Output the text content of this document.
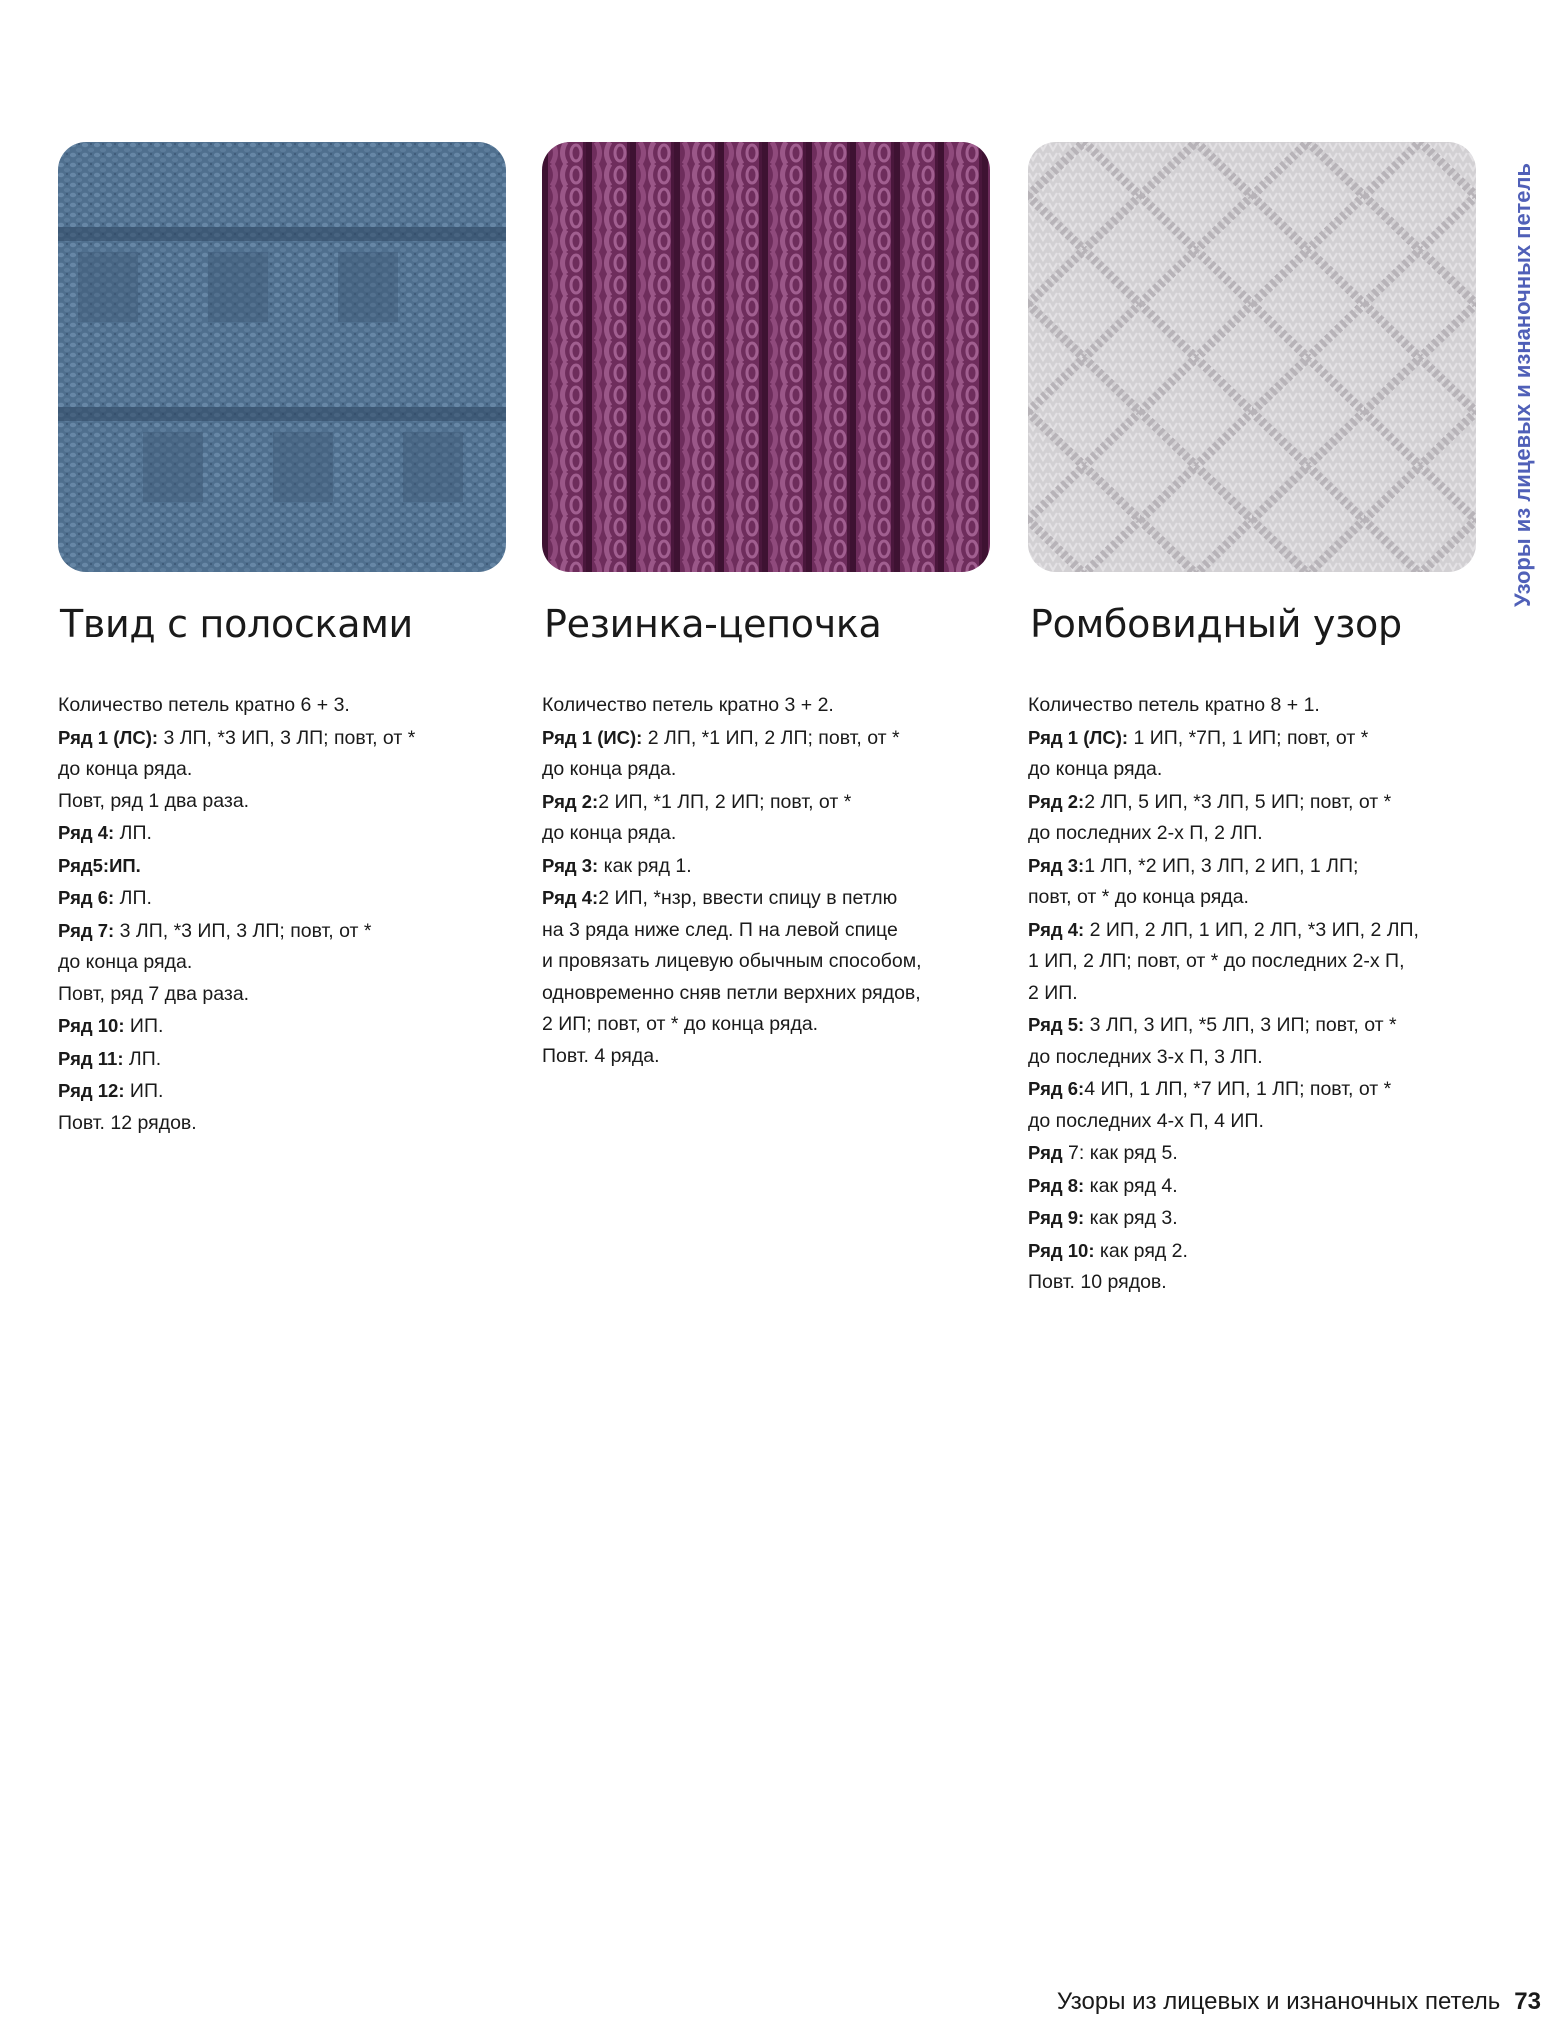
Твид с полосками
Количество петель кратно 6 + 3.
Ряд 1 (ЛС): 3 ЛП, *3 ИП, 3 ЛП; повт, от *
до конца ряда.
Повт, ряд 1 два раза.
Ряд 4: ЛП.
Ряд5:ИП.
Ряд 6: ЛП.
Ряд 7: 3 ЛП, *3 ИП, 3 ЛП; повт, от *
до конца ряда.
Повт, ряд 7 два раза.
Ряд 10: ИП.
Ряд 11: ЛП.
Ряд 12: ИП.
Повт. 12 рядов.
Резинка-цепочка
Количество петель кратно 3 + 2.
Ряд 1 (ИС): 2 ЛП, *1 ИП, 2 ЛП; повт, от *
до конца ряда.
Ряд 2:2 ИП, *1 ЛП, 2 ИП; повт, от *
до конца ряда.
Ряд 3: как ряд 1.
Ряд 4:2 ИП, *нзр, ввести спицу в петлю
на 3 ряда ниже след. П на левой спице
и провязать лицевую обычным способом,
одновременно сняв петли верхних рядов,
2 ИП; повт, от * до конца ряда.
Повт. 4 ряда.
Ромбовидный узор
Количество петель кратно 8 + 1.
Ряд 1 (ЛС): 1 ИП, *7П, 1 ИП; повт, от *
до конца ряда.
Ряд 2:2 ЛП, 5 ИП, *3 ЛП, 5 ИП; повт, от *
до последних 2-х П, 2 ЛП.
Ряд 3:1 ЛП, *2 ИП, 3 ЛП, 2 ИП, 1 ЛП;
повт, от * до конца ряда.
Ряд 4: 2 ИП, 2 ЛП, 1 ИП, 2 ЛП, *3 ИП, 2 ЛП,
1 ИП, 2 ЛП; повт, от * до последних 2-х П,
2 ИП.
Ряд 5: 3 ЛП, 3 ИП, *5 ЛП, 3 ИП; повт, от *
до последних 3-х П, 3 ЛП.
Ряд 6:4 ИП, 1 ЛП, *7 ИП, 1 ЛП; повт, от *
до последних 4-х П, 4 ИП.
Ряд 7: как ряд 5.
Ряд 8: как ряд 4.
Ряд 9: как ряд 3.
Ряд 10: как ряд 2.
Повт. 10 рядов.
Узоры из лицевых и изнаночных петель
Узоры из лицевых и изнаночных петель 73
